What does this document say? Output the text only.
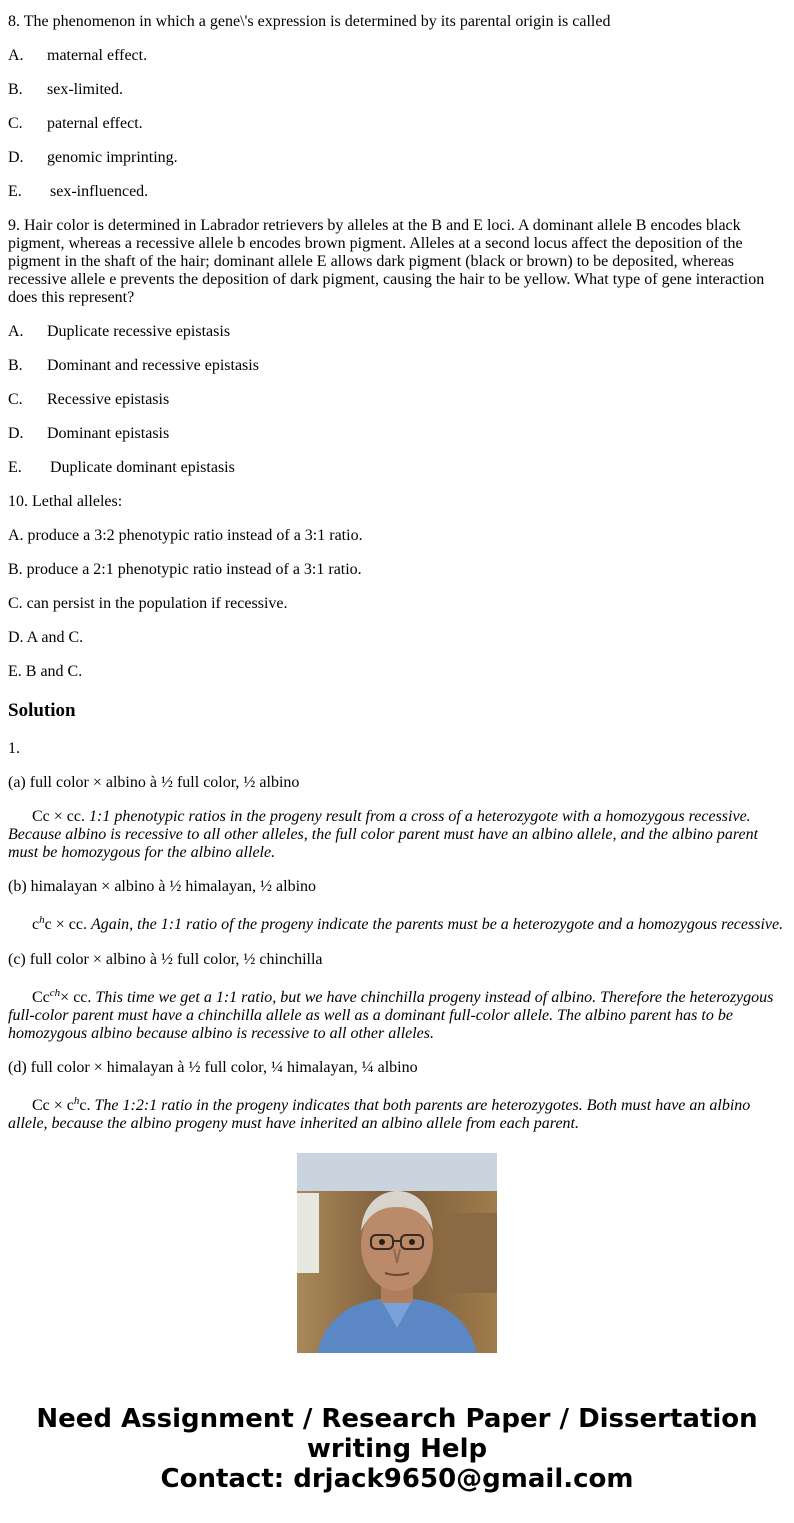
8. The phenomenon in which a gene\'s expression is determined by its parental origin is called

A. maternal effect.

B. sex-limited.

C. paternal effect.

D. genomic imprinting.

E. sex-influenced.

9. Hair color is determined in Labrador retrievers by alleles at the B and E loci. A dominant allele B encodes black pigment, whereas a recessive allele b encodes brown pigment. Alleles at a second locus affect the deposition of the pigment in the shaft of the hair; dominant allele E allows dark pigment (black or brown) to be deposited, whereas recessive allele e prevents the deposition of dark pigment, causing the hair to be yellow. What type of gene interaction does this represent?

A. Duplicate recessive epistasis

B. Dominant and recessive epistasis

C. Recessive epistasis

D. Dominant epistasis

E. Duplicate dominant epistasis

10. Lethal alleles:

A. produce a 3:2 phenotypic ratio instead of a 3:1 ratio.

B. produce a 2:1 phenotypic ratio instead of a 3:1 ratio.

C. can persist in the population if recessive.

D. A and C.

E. B and C.

Solution

1.

(a) full color × albino à ½ full color, ½ albino

Cc × cc. 1:1 phenotypic ratios in the progeny result from a cross of a heterozygote with a homozygous recessive. Because albino is recessive to all other alleles, the full color parent must have an albino allele, and the albino parent must be homozygous for the albino allele.

(b) himalayan × albino à ½ himalayan, ½ albino

$c^hc$ × cc. Again, the 1:1 ratio of the progeny indicate the parents must be a heterozygote and a homozygous recessive.

(c) full color × albino à ½ full color, ½ chinchilla

$Cc^{ch}\times$ cc. This time we get a 1:1 ratio, but we have chinchilla progeny instead of albino. Therefore the heterozygous full-color parent must have a chinchilla allele as well as a dominant full-color allele. The albino parent has to be homozygous albino because albino is recessive to all other alleles.

(d) full color × himalayan à ½ full color, ¼ himalayan, ¼ albino

$Cc \times c^hc$. The 1:2:1 ratio in the progeny indicates that both parents are heterozygotes. Both must have an albino allele, because the albino progeny must have inherited an albino allele from each parent.

Need Assignment / Research Paper / Dissertation
writing Help
Contact: drjack9650@gmail.com
